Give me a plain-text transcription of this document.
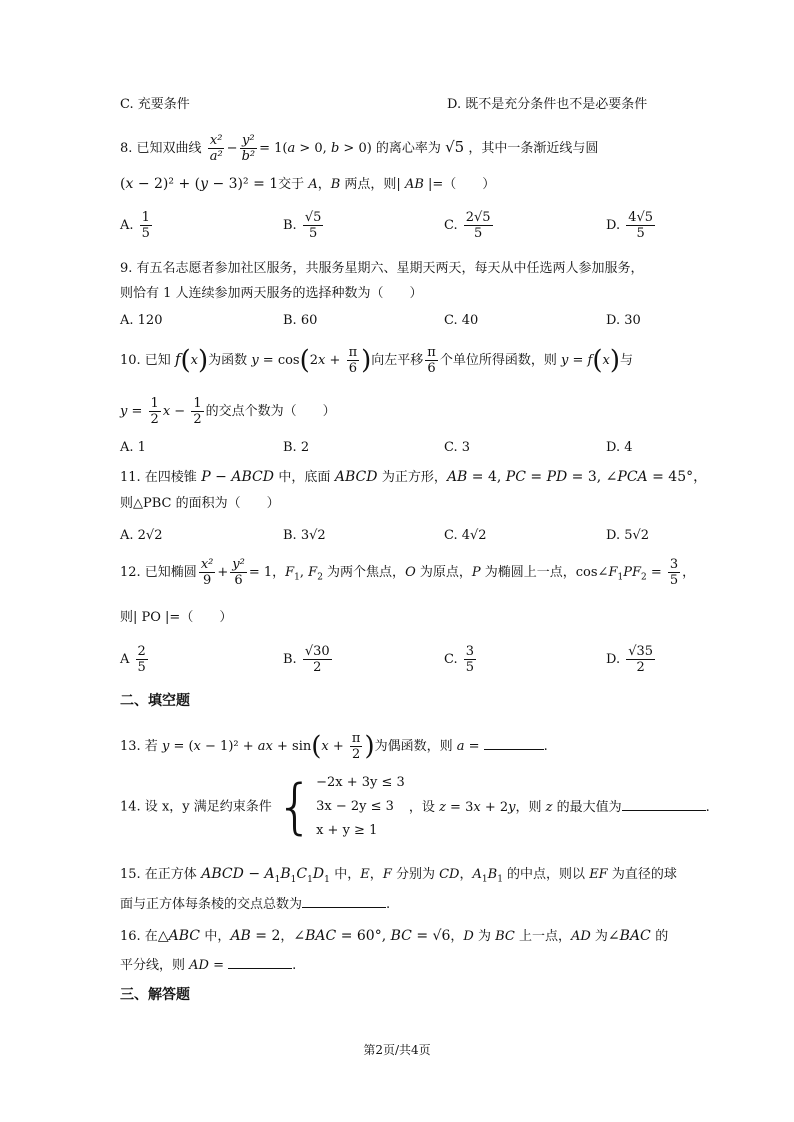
C. 充要条件	D. 既不是充分条件也不是必要条件
8. 已知双曲线 $\frac{\text{x²}}{\text{a²}} - \frac{\text{y²}}{\text{b²}} = 1(a > 0$, b > 0) 的离心率为 √5 ，其中一条渐近线与圆
(x − 2)² + (y − 3)² = 1交于 A，B 两点，则| AB |=（　　）
A. $\frac{1}{5}$	B. $\frac{√5}{5}$	C. $\frac{2√5}{5}$	D. $\frac{4√5}{5}$
9. 有五名志愿者参加社区服务，共服务星期六、星期天两天，每天从中任选两人参加服务，
则恰有 1 人连续参加两天服务的选择种数为（　　）
A. 120	B. 60	C. 40	D. 30
10. 已知 f(x)为函数 $y = \cos(2x + \frac{\pi}{6}$ )向左平移 $\frac{\pi}{6}$ 个单位所得函数，则 y = f(x)与
$y = \frac{1}{2}$ $x - \frac{1}{2}$ 的交点个数为（　　）
A. 1	B. 2	C. 3	D. 4
11. 在四棱锥 P − ABCD 中，底面 ABCD 为正方形，AB = 4, PC = PD = 3, ∠PCA = 45°，
则△PBC 的面积为（　　）
A. 2√2	B. 3√2	C. 4√2	D. 5√2
12. 已知椭圆 $\frac{\text{x²}}{9} + \frac{\text{y²}}{6} = 1$，$F_1$, $F_2$ 为两个焦点，O 为原点，P 为椭圆上一点，$\cos\angle F_1PF_2 = \frac{3}{5}$ ，
则| PO |=（　　）
A $\frac{2}{5}$	B. $\frac{√30}{2}$	C. $\frac{3}{5}$	D. $\frac{√35}{2}$
二、填空题
13. 若 y = (x − 1)² + ax + $\sin(x + \frac{\pi}{2}$ )为偶函数，则 a =	.
14. 设 x，y 满足约束条件 { −2x + 3y ≤ 3
3x − 2y ≤ 3
x + y ≥ 1
，设 z = 3x + 2y，则 z 的最大值为	.
15. 在正方体 ABCD − $A_1B_1C_1D_1$ 中，E，F 分别为 CD，$A_1B_1$ 的中点，则以 EF 为直径的球
面与正方体每条棱的交点总数为	.
16. 在△ABC 中，AB = 2，∠BAC = 60°, BC = √6，D 为 BC 上一点，AD 为∠BAC 的
平分线，则 AD =	.
三、解答题
第2页/共4页
